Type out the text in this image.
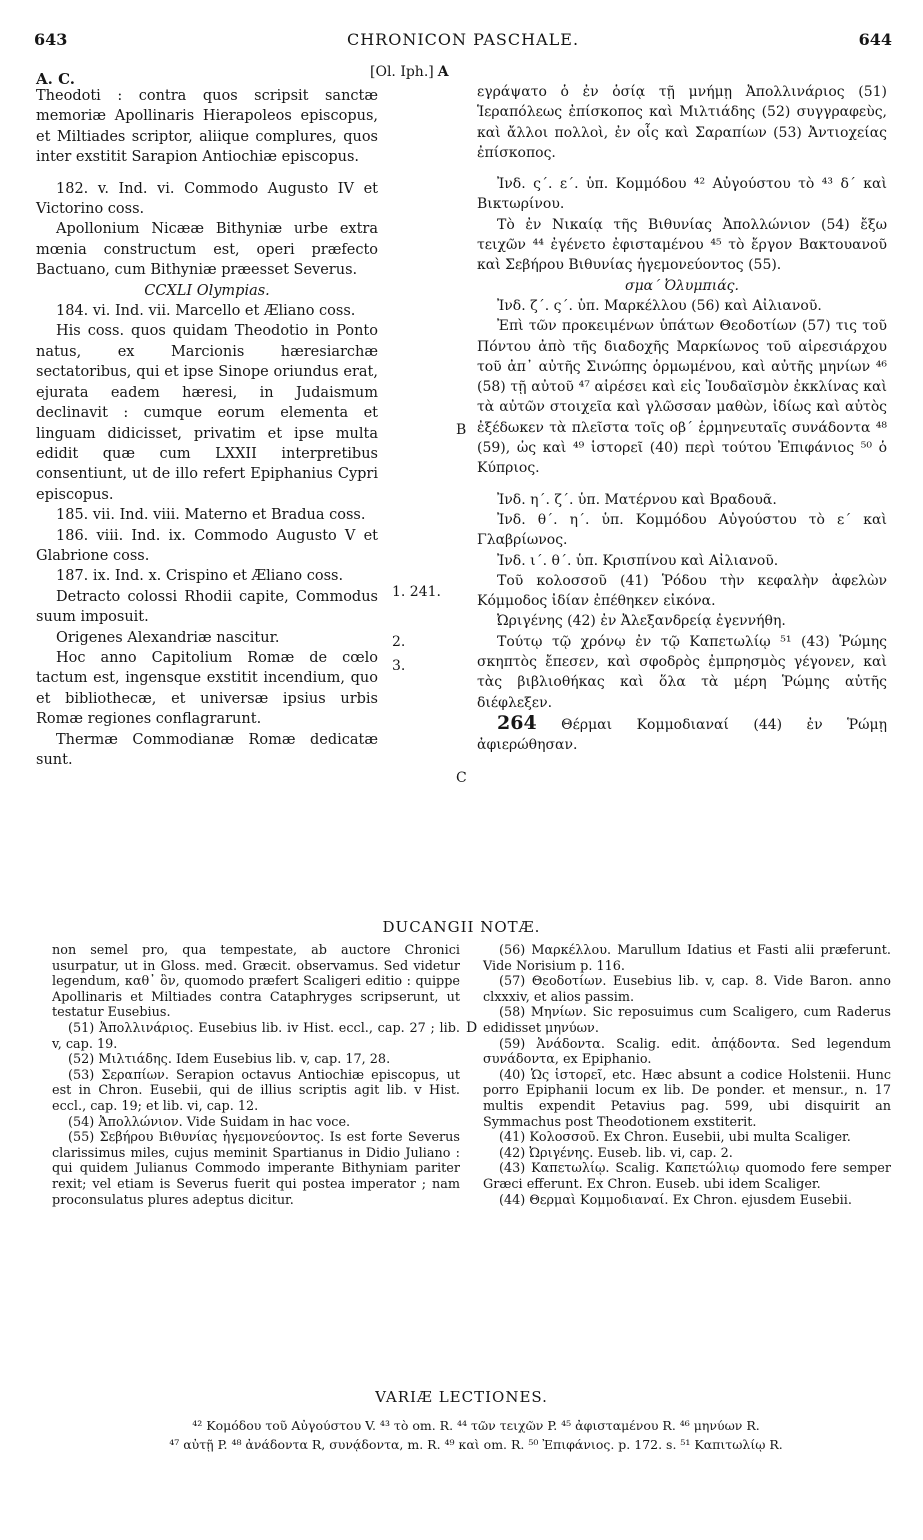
643	CHRONICON PASCHALE.	644
A. C.	[Ol. Iph.] A

Theodoti : contra quos scripsit sanctæ memoriæ Apollinaris Hierapoleos episcopus, et Miltiades scriptor, aliique complures, quos inter exstitit Sarapion Antiochiæ episcopus.

182. v. Ind. vi. Commodo Augusto IV et Victorino coss.

Apollonium Nicææ Bithyniæ urbe extra mœnia constructum est, operi præfecto Bactuano, cum Bithyniæ præesset Severus.

CCXLI Olympias.

184. vi. Ind. vii. Marcello et Æliano coss.

His coss. quos quidam Theodotio in Ponto natus, ex Marcionis hæresiarchæ sectatoribus, qui et ipse Sinope oriundus erat, ejurata eadem hæresi, in Judaismum declinavit : cumque eorum elementa et linguam didicisset, privatim et ipse multa edidit quæ cum LXXII interpretibus consentiunt, ut de illo refert Epiphanius Cypri episcopus.

185. vii. Ind. viii. Materno et Bradua coss.

186. viii. Ind. ix. Commodo Augusto V et Glabrione coss.

187. ix. Ind. x. Crispino et Æliano coss.

Detracto colossi Rhodii capite, Commodus suum imposuit.

Origenes Alexandriæ nascitur.

Hoc anno Capitolium Romæ de cœlo tactum est, ingensque exstitit incendium, quo et bibliothecæ, et universæ ipsius urbis Romæ regiones conflagrarunt.

Thermæ Commodianæ Romæ dedicatæ sunt.

1. 241.
2.
3.
B
C
D

εγράψατο ὁ ἐν ὁσίᾳ τῇ μνήμῃ Ἀπολλινάριος (51) Ἱεραπόλεως ἐπίσκοπος καὶ Μιλτιάδης (52) συγγραφεὺς, καὶ ἄλλοι πολλοὶ, ἐν οἷς καὶ Σαραπίων (53) Ἀντιοχείας ἐπίσκοπος.

Ἰνδ. ς΄. ε΄. ὑπ. Κομμόδου ⁴² Αὐγούστου τὸ ⁴³ δ΄ καὶ Βικτωρίνου.

Τὸ ἐν Νικαίᾳ τῆς Βιθυνίας Ἀπολλώνιον (54) ἔξω τειχῶν ⁴⁴ ἐγένετο ἐφισταμένου ⁴⁵ τὸ ἔργον Βακτουανοῦ καὶ Σεβήρου Βιθυνίας ἡγεμονεύοντος (55).

σμα΄ Ὀλυμπιάς.

Ἰνδ. ζ΄. ς΄. ὑπ. Μαρκέλλου (56) καὶ Αἰλιανοῦ.

Ἐπὶ τῶν προκειμένων ὑπάτων Θεοδοτίων (57) τις τοῦ Πόντου ἀπὸ τῆς διαδοχῆς Μαρκίωνος τοῦ αἱρεσιάρχου τοῦ ἀπ᾽ αὐτῆς Σινώπης ὁρμωμένου, καὶ αὐτῆς μηνίων ⁴⁶ (58) τῇ αὐτοῦ ⁴⁷ αἱρέσει καὶ εἰς Ἰουδαϊσμὸν ἐκκλίνας καὶ τὰ αὐτῶν στοιχεῖα καὶ γλῶσσαν μαθὼν, ἰδίως καὶ αὐτὸς ἐξέδωκεν τὰ πλεῖστα τοῖς οβ΄ ἑρμηνευταῖς συνάδοντα ⁴⁸ (59), ὡς καὶ ⁴⁹ ἱστορεῖ (40) περὶ τούτου Ἐπιφάνιος ⁵⁰ ὁ Κύπριος.

Ἰνδ. η΄. ζ΄. ὑπ. Ματέρνου καὶ Βραδουᾶ.

Ἰνδ. θ΄. η΄. ὑπ. Κομμόδου Αὐγούστου τὸ ε΄ καὶ Γλαβρίωνος.

Ἰνδ. ι΄. θ΄. ὑπ. Κρισπίνου καὶ Αἰλιανοῦ.

Τοῦ κολοσσοῦ (41) Ῥόδου τὴν κεφαλὴν ἀφελὼν Κόμμοδος ἰδίαν ἐπέθηκεν εἰκόνα.

Ὠριγένης (42) ἐν Ἀλεξανδρείᾳ ἐγεννήθη.

Τούτῳ τῷ χρόνῳ ἐν τῷ Καπετωλίῳ ⁵¹ (43) Ῥώμης σκηπτὸς ἔπεσεν, καὶ σφοδρὸς ἐμπρησμὸς γέγονεν, καὶ τὰς βιβλιοθήκας καὶ ὅλα τὰ μέρη Ῥώμης αὐτῆς διέφλεξεν.

264 Θέρμαι Κομμοδιαναί (44) ἐν Ῥώμῃ ἀφιερώθησαν.

DUCANGII NOTÆ.

non semel pro, qua tempestate, ab auctore Chronici usurpatur, ut in Gloss. med. Græcit. observamus. Sed videtur legendum, καθ᾽ ὃν, quomodo præfert Scaligeri editio : quippe Apollinaris et Miltiades contra Cataphryges scripserunt, ut testatur Eusebius.

(51) Ἀπολλινάριος. Eusebius lib. iv Hist. eccl., cap. 27 ; lib. v, cap. 19.

(52) Μιλτιάδης. Idem Eusebius lib. v, cap. 17, 28.

(53) Σεραπίων. Serapion octavus Antiochiæ episcopus, ut est in Chron. Eusebii, qui de illius scriptis agit lib. v Hist. eccl., cap. 19; et lib. vi, cap. 12.

(54) Ἀπολλώνιον. Vide Suidam in hac voce.

(55) Σεβήρου Βιθυνίας ἡγεμονεύοντος. Is est forte Severus clarissimus miles, cujus meminit Spartianus in Didio Juliano : qui quidem Julianus Commodo imperante Bithyniam pariter rexit; vel etiam is Severus fuerit qui postea imperator ; nam proconsulatus plures adeptus dicitur.

(56) Μαρκέλλου. Marullum Idatius et Fasti alii præferunt. Vide Norisium p. 116.

(57) Θεοδοτίων. Eusebius lib. v, cap. 8. Vide Baron. anno clxxxiv, et alios passim.

(58) Μηνίων. Sic reposuimus cum Scaligero, cum Raderus edidisset μηνύων.

(59) Ἀνάδοντα. Scalig. edit. ἀπᾴδοντα. Sed legendum συνάδοντα, ex Epiphanio.

(40) Ὡς ἱστορεῖ, etc. Hæc absunt a codice Holstenii. Hunc porro Epiphanii locum ex lib. De ponder. et mensur., n. 17 multis expendit Petavius pag. 599, ubi disquirit an Symmachus post Theodotionem exstiterit.

(41) Κολοσσοῦ. Ex Chron. Eusebii, ubi multa Scaliger.

(42) Ὠριγένης. Euseb. lib. vi, cap. 2.

(43) Καπετωλίῳ. Scalig. Καπετώλιῳ quomodo fere semper Græci efferunt. Ex Chron. Euseb. ubi idem Scaliger.

(44) Θερμαὶ Κομμοδιαναί. Ex Chron. ejusdem Eusebii.

VARIÆ LECTIONES.
⁴² Κομόδου τοῦ Αὐγούστου V. ⁴³ τὸ om. R. ⁴⁴ τῶν τειχῶν P. ⁴⁵ ἀφισταμένου R. ⁴⁶ μηνύων R.
⁴⁷ αὐτῇ P. ⁴⁸ ἀνάδοντα R, συνᾴδοντα, m. R. ⁴⁹ καὶ om. R. ⁵⁰ Ἐπιφάνιος. p. 172. s. ⁵¹ Καπιτωλίῳ R.
